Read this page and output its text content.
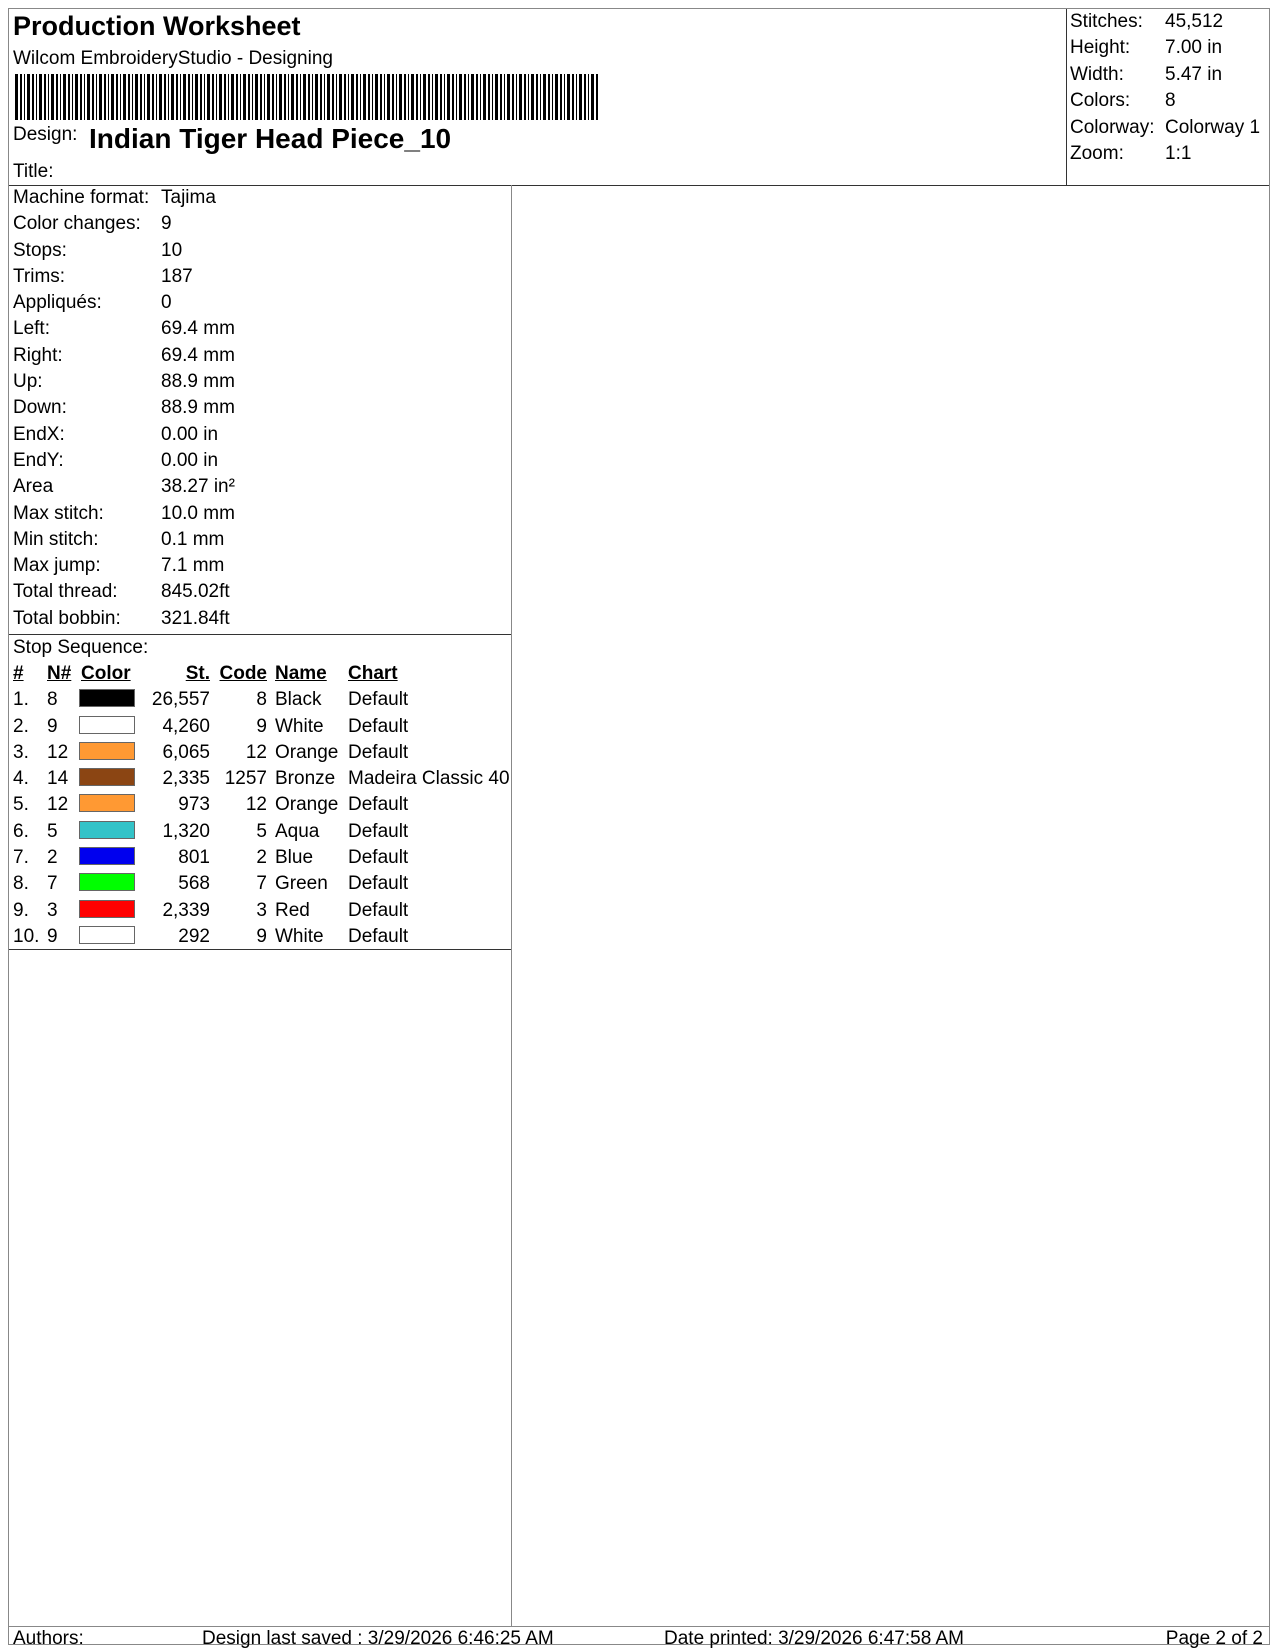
Production Worksheet
Wilcom EmbroideryStudio - Designing
Design: Indian Tiger Head Piece_10
Title:
Stitches: 45,512
Height: 7.00 in
Width: 5.47 in
Colors: 8
Colorway: Colorway 1
Zoom: 1:1
Machine format: Tajima
Color changes: 9
Stops:	10
Trims:	187
Appliqués:	0
Left:	69.4 mm
Right:	69.4 mm
Up:	88.9 mm
Down:	88.9 mm
EndX:	0.00 in
EndY:	0.00 in
Area	38.27 in²
Max stitch:	10.0 mm
Min stitch:	0.1 mm
Max jump:	7.1 mm
Total thread: 845.02ft
Total bobbin: 321.84ft
Stop Sequence:
# N# Color	St. Code Name Chart
1. 8	26,557	8 Black Default
2. 9	4,260	9 White Default
3. 12	6,065	12 Orange Default
4. 14	2,335 1257 Bronze Madeira Classic 40
5. 12	973	12 Orange Default
6. 5	1,320	5 Aqua Default
7. 2	801	2 Blue Default
8. 7	568	7 Green Default
9. 3	2,339	3 Red Default
10. 9	292	9 White Default
Authors:	Design last saved : 3/29/2026 6:46:25 AM	Date printed: 3/29/2026 6:47:58 AM	Page 2 of 2
